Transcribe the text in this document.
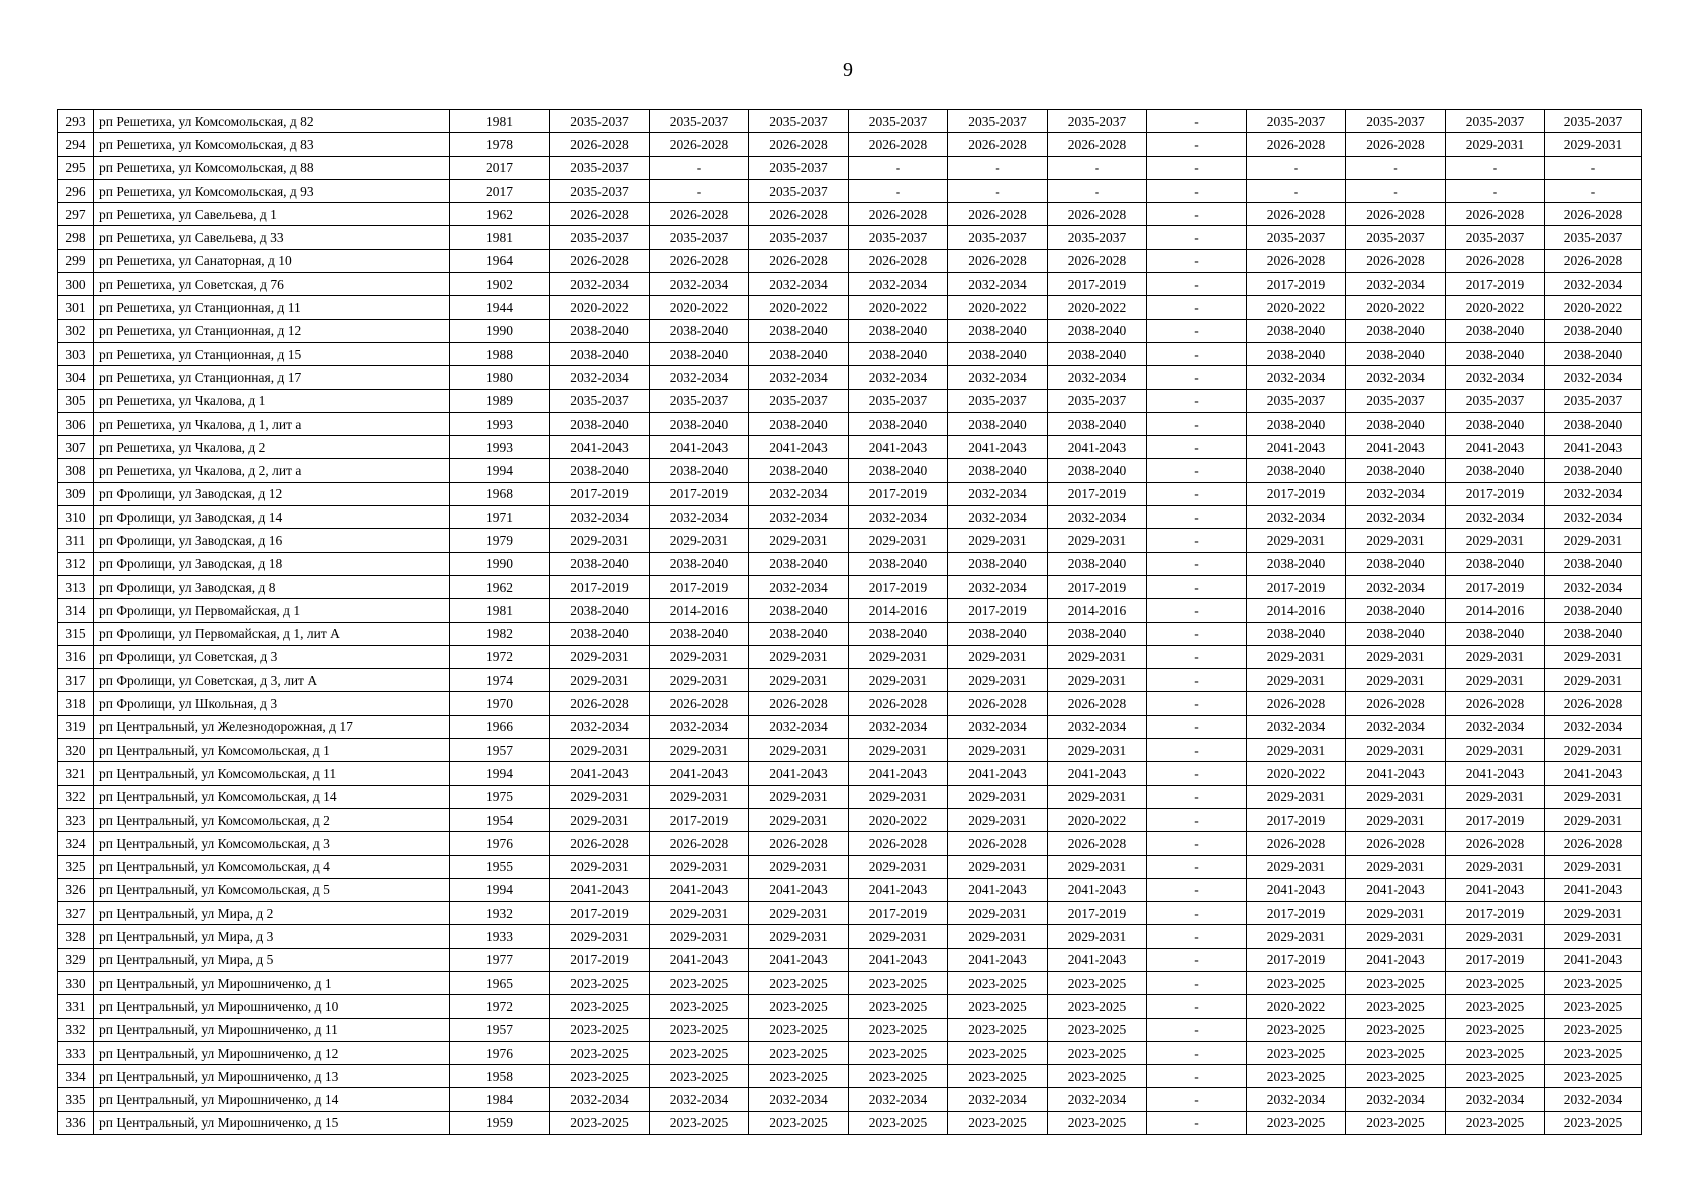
9
293	рп Решетиха, ул Комсомольская, д 82	1981	2035-2037	2035-2037	2035-2037	2035-2037	2035-2037	2035-2037	-	2035-2037	2035-2037	2035-2037	2035-2037
294	рп Решетиха, ул Комсомольская, д 83	1978	2026-2028	2026-2028	2026-2028	2026-2028	2026-2028	2026-2028	-	2026-2028	2026-2028	2029-2031	2029-2031
295	рп Решетиха, ул Комсомольская, д 88	2017	2035-2037	-	2035-2037	-	-	-	-	-	-	-	-
296	рп Решетиха, ул Комсомольская, д 93	2017	2035-2037	-	2035-2037	-	-	-	-	-	-	-	-
297	рп Решетиха, ул Савельева, д 1	1962	2026-2028	2026-2028	2026-2028	2026-2028	2026-2028	2026-2028	-	2026-2028	2026-2028	2026-2028	2026-2028
298	рп Решетиха, ул Савельева, д 33	1981	2035-2037	2035-2037	2035-2037	2035-2037	2035-2037	2035-2037	-	2035-2037	2035-2037	2035-2037	2035-2037
299	рп Решетиха, ул Санаторная, д 10	1964	2026-2028	2026-2028	2026-2028	2026-2028	2026-2028	2026-2028	-	2026-2028	2026-2028	2026-2028	2026-2028
300	рп Решетиха, ул Советская, д 76	1902	2032-2034	2032-2034	2032-2034	2032-2034	2032-2034	2017-2019	-	2017-2019	2032-2034	2017-2019	2032-2034
301	рп Решетиха, ул Станционная, д 11	1944	2020-2022	2020-2022	2020-2022	2020-2022	2020-2022	2020-2022	-	2020-2022	2020-2022	2020-2022	2020-2022
302	рп Решетиха, ул Станционная, д 12	1990	2038-2040	2038-2040	2038-2040	2038-2040	2038-2040	2038-2040	-	2038-2040	2038-2040	2038-2040	2038-2040
303	рп Решетиха, ул Станционная, д 15	1988	2038-2040	2038-2040	2038-2040	2038-2040	2038-2040	2038-2040	-	2038-2040	2038-2040	2038-2040	2038-2040
304	рп Решетиха, ул Станционная, д 17	1980	2032-2034	2032-2034	2032-2034	2032-2034	2032-2034	2032-2034	-	2032-2034	2032-2034	2032-2034	2032-2034
305	рп Решетиха, ул Чкалова, д 1	1989	2035-2037	2035-2037	2035-2037	2035-2037	2035-2037	2035-2037	-	2035-2037	2035-2037	2035-2037	2035-2037
306	рп Решетиха, ул Чкалова, д 1, лит а	1993	2038-2040	2038-2040	2038-2040	2038-2040	2038-2040	2038-2040	-	2038-2040	2038-2040	2038-2040	2038-2040
307	рп Решетиха, ул Чкалова, д 2	1993	2041-2043	2041-2043	2041-2043	2041-2043	2041-2043	2041-2043	-	2041-2043	2041-2043	2041-2043	2041-2043
308	рп Решетиха, ул Чкалова, д 2, лит а	1994	2038-2040	2038-2040	2038-2040	2038-2040	2038-2040	2038-2040	-	2038-2040	2038-2040	2038-2040	2038-2040
309	рп Фролищи, ул Заводская, д 12	1968	2017-2019	2017-2019	2032-2034	2017-2019	2032-2034	2017-2019	-	2017-2019	2032-2034	2017-2019	2032-2034
310	рп Фролищи, ул Заводская, д 14	1971	2032-2034	2032-2034	2032-2034	2032-2034	2032-2034	2032-2034	-	2032-2034	2032-2034	2032-2034	2032-2034
311	рп Фролищи, ул Заводская, д 16	1979	2029-2031	2029-2031	2029-2031	2029-2031	2029-2031	2029-2031	-	2029-2031	2029-2031	2029-2031	2029-2031
312	рп Фролищи, ул Заводская, д 18	1990	2038-2040	2038-2040	2038-2040	2038-2040	2038-2040	2038-2040	-	2038-2040	2038-2040	2038-2040	2038-2040
313	рп Фролищи, ул Заводская, д 8	1962	2017-2019	2017-2019	2032-2034	2017-2019	2032-2034	2017-2019	-	2017-2019	2032-2034	2017-2019	2032-2034
314	рп Фролищи, ул Первомайская, д 1	1981	2038-2040	2014-2016	2038-2040	2014-2016	2017-2019	2014-2016	-	2014-2016	2038-2040	2014-2016	2038-2040
315	рп Фролищи, ул Первомайская, д 1, лит А	1982	2038-2040	2038-2040	2038-2040	2038-2040	2038-2040	2038-2040	-	2038-2040	2038-2040	2038-2040	2038-2040
316	рп Фролищи, ул Советская, д 3	1972	2029-2031	2029-2031	2029-2031	2029-2031	2029-2031	2029-2031	-	2029-2031	2029-2031	2029-2031	2029-2031
317	рп Фролищи, ул Советская, д 3, лит А	1974	2029-2031	2029-2031	2029-2031	2029-2031	2029-2031	2029-2031	-	2029-2031	2029-2031	2029-2031	2029-2031
318	рп Фролищи, ул Школьная, д 3	1970	2026-2028	2026-2028	2026-2028	2026-2028	2026-2028	2026-2028	-	2026-2028	2026-2028	2026-2028	2026-2028
319	рп Центральный, ул Железнодорожная, д 17	1966	2032-2034	2032-2034	2032-2034	2032-2034	2032-2034	2032-2034	-	2032-2034	2032-2034	2032-2034	2032-2034
320	рп Центральный, ул Комсомольская, д 1	1957	2029-2031	2029-2031	2029-2031	2029-2031	2029-2031	2029-2031	-	2029-2031	2029-2031	2029-2031	2029-2031
321	рп Центральный, ул Комсомольская, д 11	1994	2041-2043	2041-2043	2041-2043	2041-2043	2041-2043	2041-2043	-	2020-2022	2041-2043	2041-2043	2041-2043
322	рп Центральный, ул Комсомольская, д 14	1975	2029-2031	2029-2031	2029-2031	2029-2031	2029-2031	2029-2031	-	2029-2031	2029-2031	2029-2031	2029-2031
323	рп Центральный, ул Комсомольская, д 2	1954	2029-2031	2017-2019	2029-2031	2020-2022	2029-2031	2020-2022	-	2017-2019	2029-2031	2017-2019	2029-2031
324	рп Центральный, ул Комсомольская, д 3	1976	2026-2028	2026-2028	2026-2028	2026-2028	2026-2028	2026-2028	-	2026-2028	2026-2028	2026-2028	2026-2028
325	рп Центральный, ул Комсомольская, д 4	1955	2029-2031	2029-2031	2029-2031	2029-2031	2029-2031	2029-2031	-	2029-2031	2029-2031	2029-2031	2029-2031
326	рп Центральный, ул Комсомольская, д 5	1994	2041-2043	2041-2043	2041-2043	2041-2043	2041-2043	2041-2043	-	2041-2043	2041-2043	2041-2043	2041-2043
327	рп Центральный, ул Мира, д 2	1932	2017-2019	2029-2031	2029-2031	2017-2019	2029-2031	2017-2019	-	2017-2019	2029-2031	2017-2019	2029-2031
328	рп Центральный, ул Мира, д 3	1933	2029-2031	2029-2031	2029-2031	2029-2031	2029-2031	2029-2031	-	2029-2031	2029-2031	2029-2031	2029-2031
329	рп Центральный, ул Мира, д 5	1977	2017-2019	2041-2043	2041-2043	2041-2043	2041-2043	2041-2043	-	2017-2019	2041-2043	2017-2019	2041-2043
330	рп Центральный, ул Мирошниченко, д 1	1965	2023-2025	2023-2025	2023-2025	2023-2025	2023-2025	2023-2025	-	2023-2025	2023-2025	2023-2025	2023-2025
331	рп Центральный, ул Мирошниченко, д 10	1972	2023-2025	2023-2025	2023-2025	2023-2025	2023-2025	2023-2025	-	2020-2022	2023-2025	2023-2025	2023-2025
332	рп Центральный, ул Мирошниченко, д 11	1957	2023-2025	2023-2025	2023-2025	2023-2025	2023-2025	2023-2025	-	2023-2025	2023-2025	2023-2025	2023-2025
333	рп Центральный, ул Мирошниченко, д 12	1976	2023-2025	2023-2025	2023-2025	2023-2025	2023-2025	2023-2025	-	2023-2025	2023-2025	2023-2025	2023-2025
334	рп Центральный, ул Мирошниченко, д 13	1958	2023-2025	2023-2025	2023-2025	2023-2025	2023-2025	2023-2025	-	2023-2025	2023-2025	2023-2025	2023-2025
335	рп Центральный, ул Мирошниченко, д 14	1984	2032-2034	2032-2034	2032-2034	2032-2034	2032-2034	2032-2034	-	2032-2034	2032-2034	2032-2034	2032-2034
336	рп Центральный, ул Мирошниченко, д 15	1959	2023-2025	2023-2025	2023-2025	2023-2025	2023-2025	2023-2025	-	2023-2025	2023-2025	2023-2025	2023-2025
